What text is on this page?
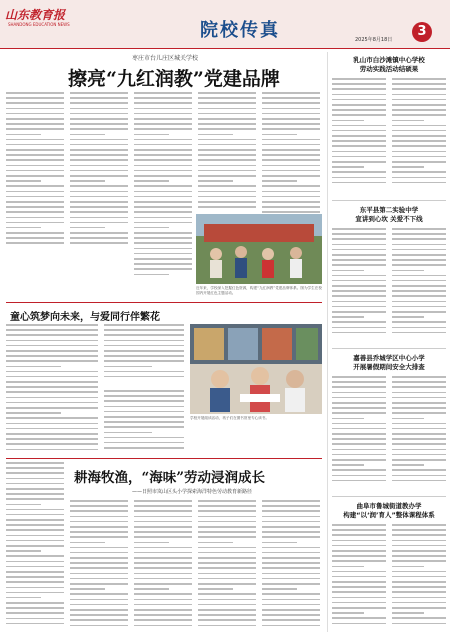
山东教育报
SHANDONG EDUCATION NEWS	院校传真	2025年8月18日
3
枣庄市台儿庄区城关学校
擦亮“九红润教”党建品牌
近年来，学校深入挖掘红色资源，构建“九红润教”党建品牌体系。图为学生在校园内开展红色主题活动。
童心筑梦向未来，与爱同行伴繁花
学校开展阅读活动，孩子们在图书馆里专心读书。
耕海牧渔，“海味”劳动浸润成长
——日照市岚山区头小学探索海洋特色劳动教育新路径
乳山市白沙滩镇中心学校
劳动实践活动结硕果
东平县第二实验中学
宣讲到心坎 关爱不下线
嘉善县乔城学区中心小学
开展暑假期间安全大排查
曲阜市鲁城街道教办学
构建“以‘润’育人”整体课程体系
